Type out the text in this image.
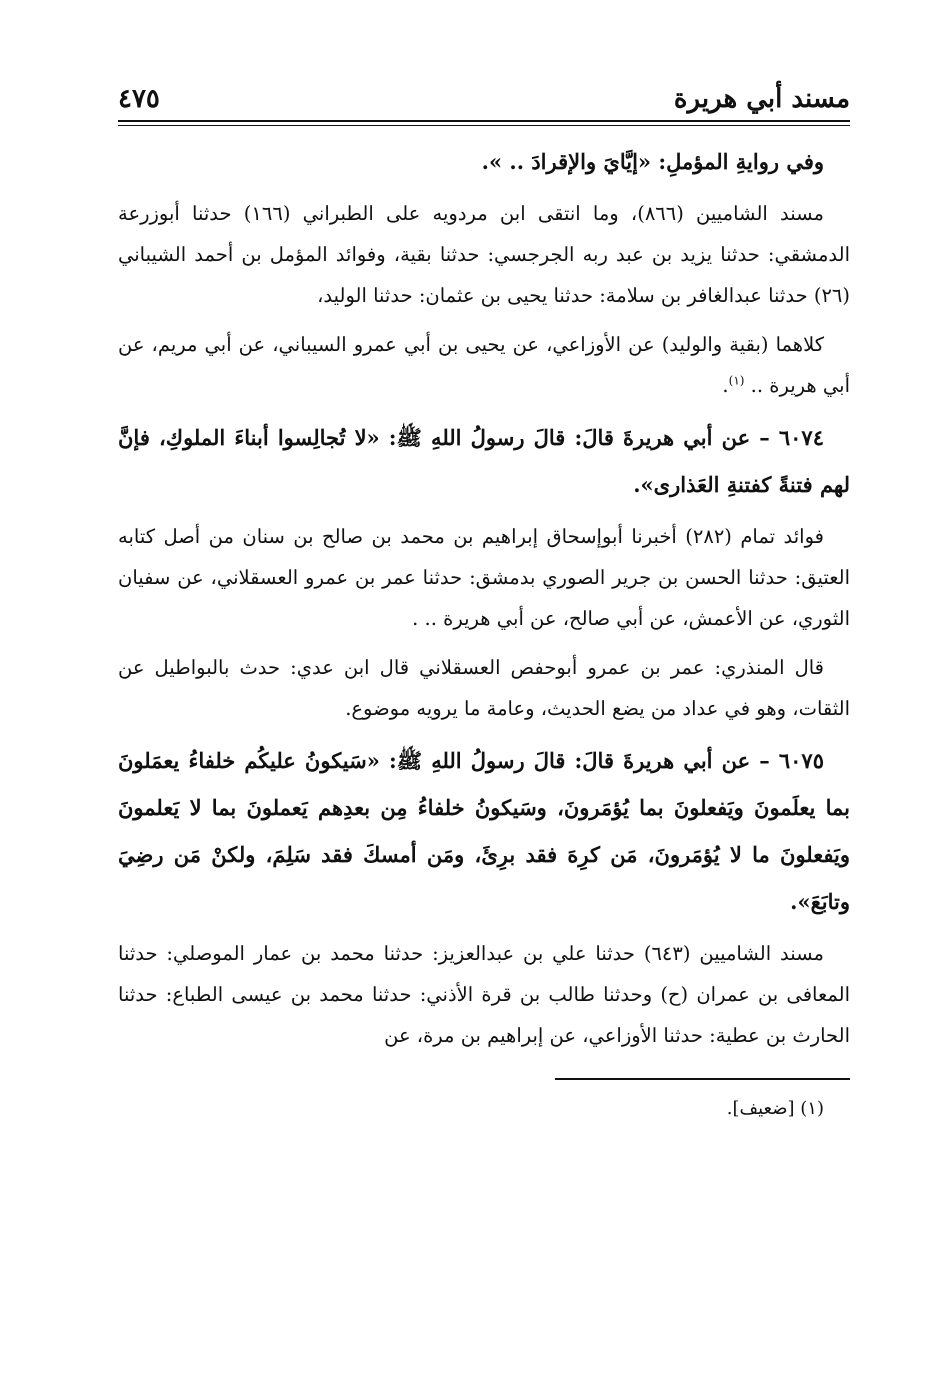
مسند أبي هريرة
٤٧٥

وفي روايةِ المؤملِ: «إيَّايَ والإقرادَ .. ».

مسند الشاميين (٨٦٦)، وما انتقى ابن مردويه على الطبراني (١٦٦) حدثنا أبوزرعة الدمشقي: حدثنا يزيد بن عبد ربه الجرجسي: حدثنا بقية، وفوائد المؤمل بن أحمد الشيباني (٢٦) حدثنا عبدالغافر بن سلامة: حدثنا يحيى بن عثمان: حدثنا الوليد،

كلاهما (بقية والوليد) عن الأوزاعي، عن يحيى بن أبي عمرو السيباني، عن أبي مريم، عن أبي هريرة .. $^{(١)}$.

٦٠٧٤ – عن أبي هريرةَ قالَ: قالَ رسولُ اللهِ ﷺ: «لا تُجالِسوا أبناءَ الملوكِ، فإنَّ لهم فتنةً كفتنةِ العَذارى».

فوائد تمام (٢٨٢) أخبرنا أبوإسحاق إبراهيم بن محمد بن صالح بن سنان من أصل كتابه العتيق: حدثنا الحسن بن جرير الصوري بدمشق: حدثنا عمر بن عمرو العسقلاني، عن سفيان الثوري، عن الأعمش، عن أبي صالح، عن أبي هريرة .. .

قال المنذري: عمر بن عمرو أبوحفص العسقلاني قال ابن عدي: حدث بالبواطيل عن الثقات، وهو في عداد من يضع الحديث، وعامة ما يرويه موضوع.

٦٠٧٥ – عن أبي هريرةَ قالَ: قالَ رسولُ اللهِ ﷺ: «سَيكونُ عليكُم خلفاءُ يعمَلونَ بما يعلَمونَ ويَفعلونَ بما يُؤمَرونَ، وسَيكونُ خلفاءُ مِن بعدِهم يَعملونَ بما لا يَعلمونَ ويَفعلونَ ما لا يُؤمَرونَ، مَن كرِهَ فقد برِئَ، ومَن أمسكَ فقد سَلِمَ، ولكنْ مَن رضِيَ وتابَعَ».

مسند الشاميين (٦٤٣) حدثنا علي بن عبدالعزيز: حدثنا محمد بن عمار الموصلي: حدثنا المعافى بن عمران (ح) وحدثنا طالب بن قرة الأذني: حدثنا محمد بن عيسى الطباع: حدثنا الحارث بن عطية: حدثنا الأوزاعي، عن إبراهيم بن مرة، عن

(١) [ضعيف].
